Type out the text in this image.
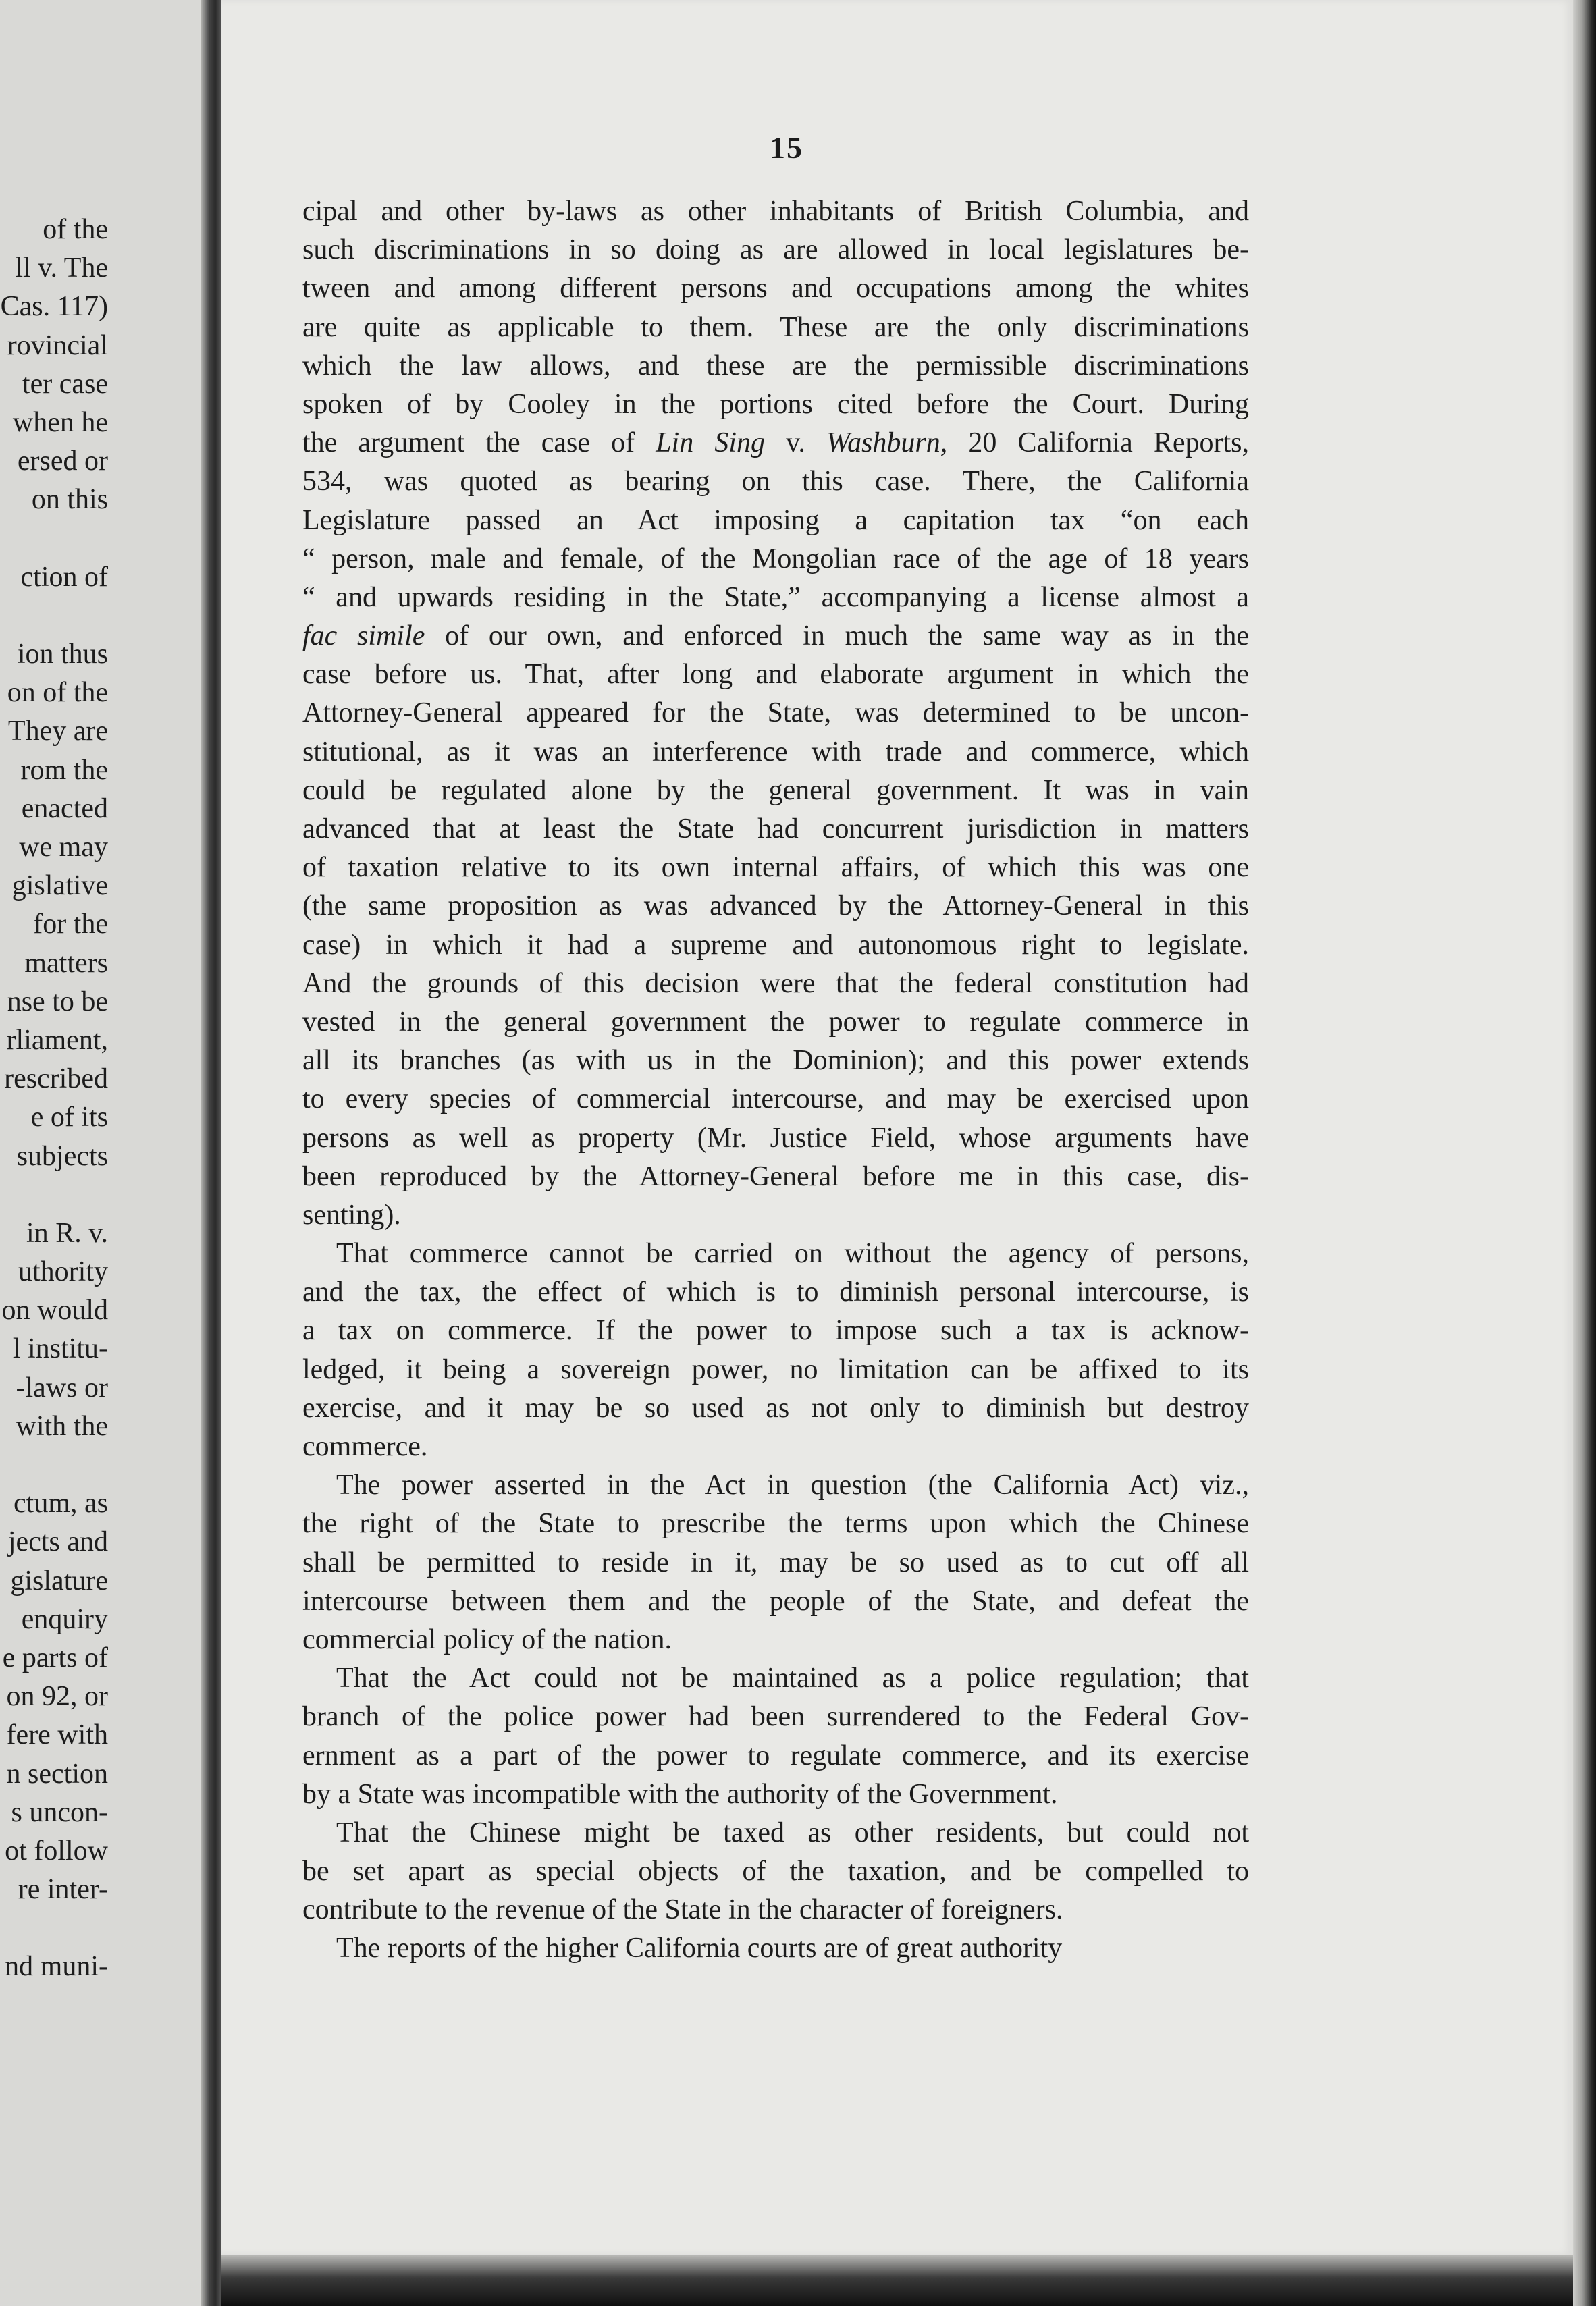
of the
ll v. The
Cas. 117)
rovincial
ter case
when he
ersed or
on this
ction of
ion thus
on of the
They are
rom the
enacted
we may
gislative
for the
matters
nse to be
rliament,
rescribed
e of its
subjects
in R. v.
uthority
on would
l institu-
-laws or
with the
ctum, as
jects and
gislature
enquiry
e parts of
on 92, or
fere with
n section
s uncon-
ot follow
re inter-
nd muni-
15

cipal and other by-laws as other inhabitants of British Columbia, and
such discriminations in so doing as are allowed in local legislatures be-
tween and among different persons and occupations among the whites
are quite as applicable to them. These are the only discriminations
which the law allows, and these are the permissible discriminations
spoken of by Cooley in the portions cited before the Court. During

the argument the case of Lin Sing v. Washburn, 20 California Reports,
534, was quoted as bearing on this case. There, the California
Legislature passed an Act imposing a capitation tax “on each
“ person, male and female, of the Mongolian race of the age of 18 years
“ and upwards residing in the State,” accompanying a license almost a
fac simile of our own, and enforced in much the same way as in the
case before us. That, after long and elaborate argument in which the
Attorney-General appeared for the State, was determined to be uncon-
stitutional, as it was an interference with trade and commerce, which
could be regulated alone by the general government. It was in vain
advanced that at least the State had concurrent jurisdiction in matters
of taxation relative to its own internal affairs, of which this was one
(the same proposition as was advanced by the Attorney-General in this
case) in which it had a supreme and autonomous right to legislate.
And the grounds of this decision were that the federal constitution had
vested in the general government the power to regulate commerce in
all its branches (as with us in the Dominion); and this power extends
to every species of commercial intercourse, and may be exercised upon
persons as well as property (Mr. Justice Field, whose arguments have
been reproduced by the Attorney-General before me in this case, dis-
senting).

That commerce cannot be carried on without the agency of persons,
and the tax, the effect of which is to diminish personal intercourse, is
a tax on commerce. If the power to impose such a tax is acknow-
ledged, it being a sovereign power, no limitation can be affixed to its
exercise, and it may be so used as not only to diminish but destroy
commerce.

The power asserted in the Act in question (the California Act) viz.,
the right of the State to prescribe the terms upon which the Chinese
shall be permitted to reside in it, may be so used as to cut off all
intercourse between them and the people of the State, and defeat the
commercial policy of the nation.

That the Act could not be maintained as a police regulation; that
branch of the police power had been surrendered to the Federal Gov-
ernment as a part of the power to regulate commerce, and its exercise
by a State was incompatible with the authority of the Government.

That the Chinese might be taxed as other residents, but could not
be set apart as special objects of the taxation, and be compelled to
contribute to the revenue of the State in the character of foreigners.

The reports of the higher California courts are of great authority
